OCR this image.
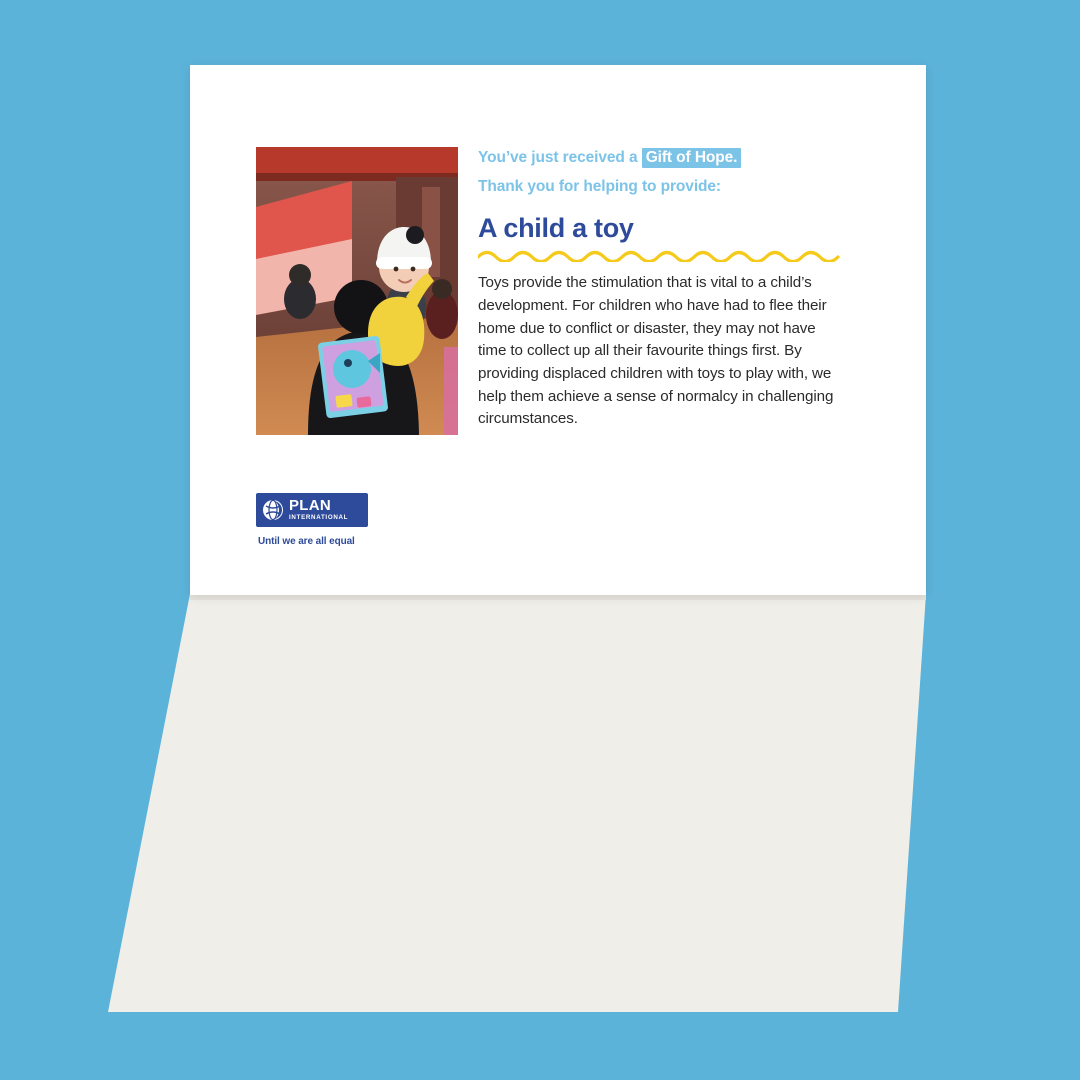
You’ve just received a Gift of Hope.

Thank you for helping to provide:

A child a toy

Toys provide the stimulation that is vital to a child’s development. For children who have had to flee their home due to conflict or disaster, they may not have time to collect up all their favourite things first. By providing displaced children with toys to play with, we help them achieve a sense of normalcy in challenging circumstances.

PLAN
INTERNATIONAL
Until we are all equal
